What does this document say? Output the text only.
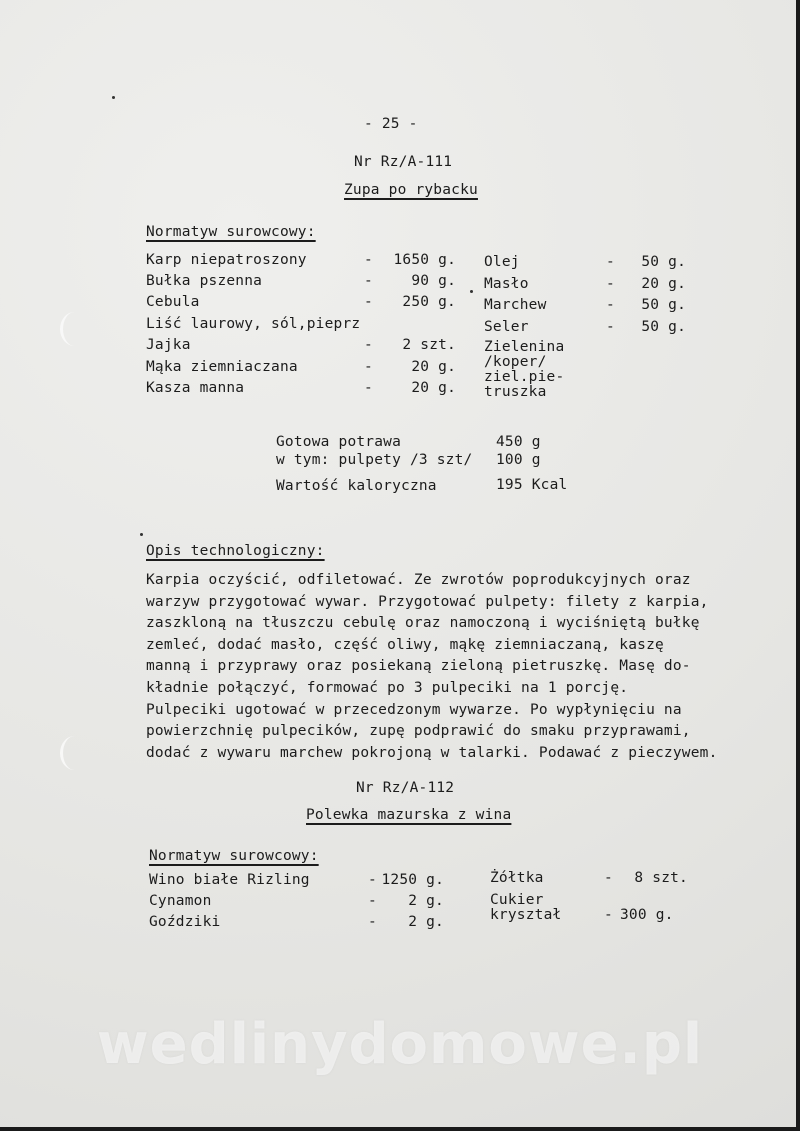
- 25 -
Nr Rz/A-111
Zupa po rybacku
Normatyw surowcowy:
Karp niepatroszony	- 1650 g.
Bułka pszenna	-	90 g.
Cebula	- 250 g.
Liść laurowy, sól,pieprz
Jajka	- 2 szt.
Mąka ziemniaczana	-	20 g.
Kasza manna	-	20 g.
Olej	- 50 g.
Masło	- 20 g.
Marchew	- 50 g.
Seler	- 50 g.
Zielenina
/koper/
ziel.pie-
truszka
Gotowa potrawa	450 g
w tym: pulpety /3 szt/ 100 g
Wartość kaloryczna	195 Kcal
Opis technologiczny:
Karpia oczyścić, odfiletować. Ze zwrotów poprodukcyjnych oraz
warzyw przygotować wywar. Przygotować pulpety: filety z karpia,
zaszkloną na tłuszczu cebulę oraz namoczoną i wyciśniętą bułkę
zemleć, dodać masło, część oliwy, mąkę ziemniaczaną, kaszę
manną i przyprawy oraz posiekaną zieloną pietruszkę. Masę do-
kładnie połączyć, formować po 3 pulpeciki na 1 porcję.
Pulpeciki ugotować w przecedzonym wywarze. Po wypłynięciu na
powierzchnię pulpecików, zupę podprawić do smaku przyprawami,
dodać z wywaru marchew pokrojoną w talarki. Podawać z pieczywem.
Nr Rz/A-112
Polewka mazurska z wina
Normatyw surowcowy:
Wino białe Rizling	- 1250 g.
Cynamon	- 2 g.
Goździki	- 2 g.
Żółtka	- 8 szt.
Cukier
kryształ	- 300 g.
wedlinydomowe.pl
